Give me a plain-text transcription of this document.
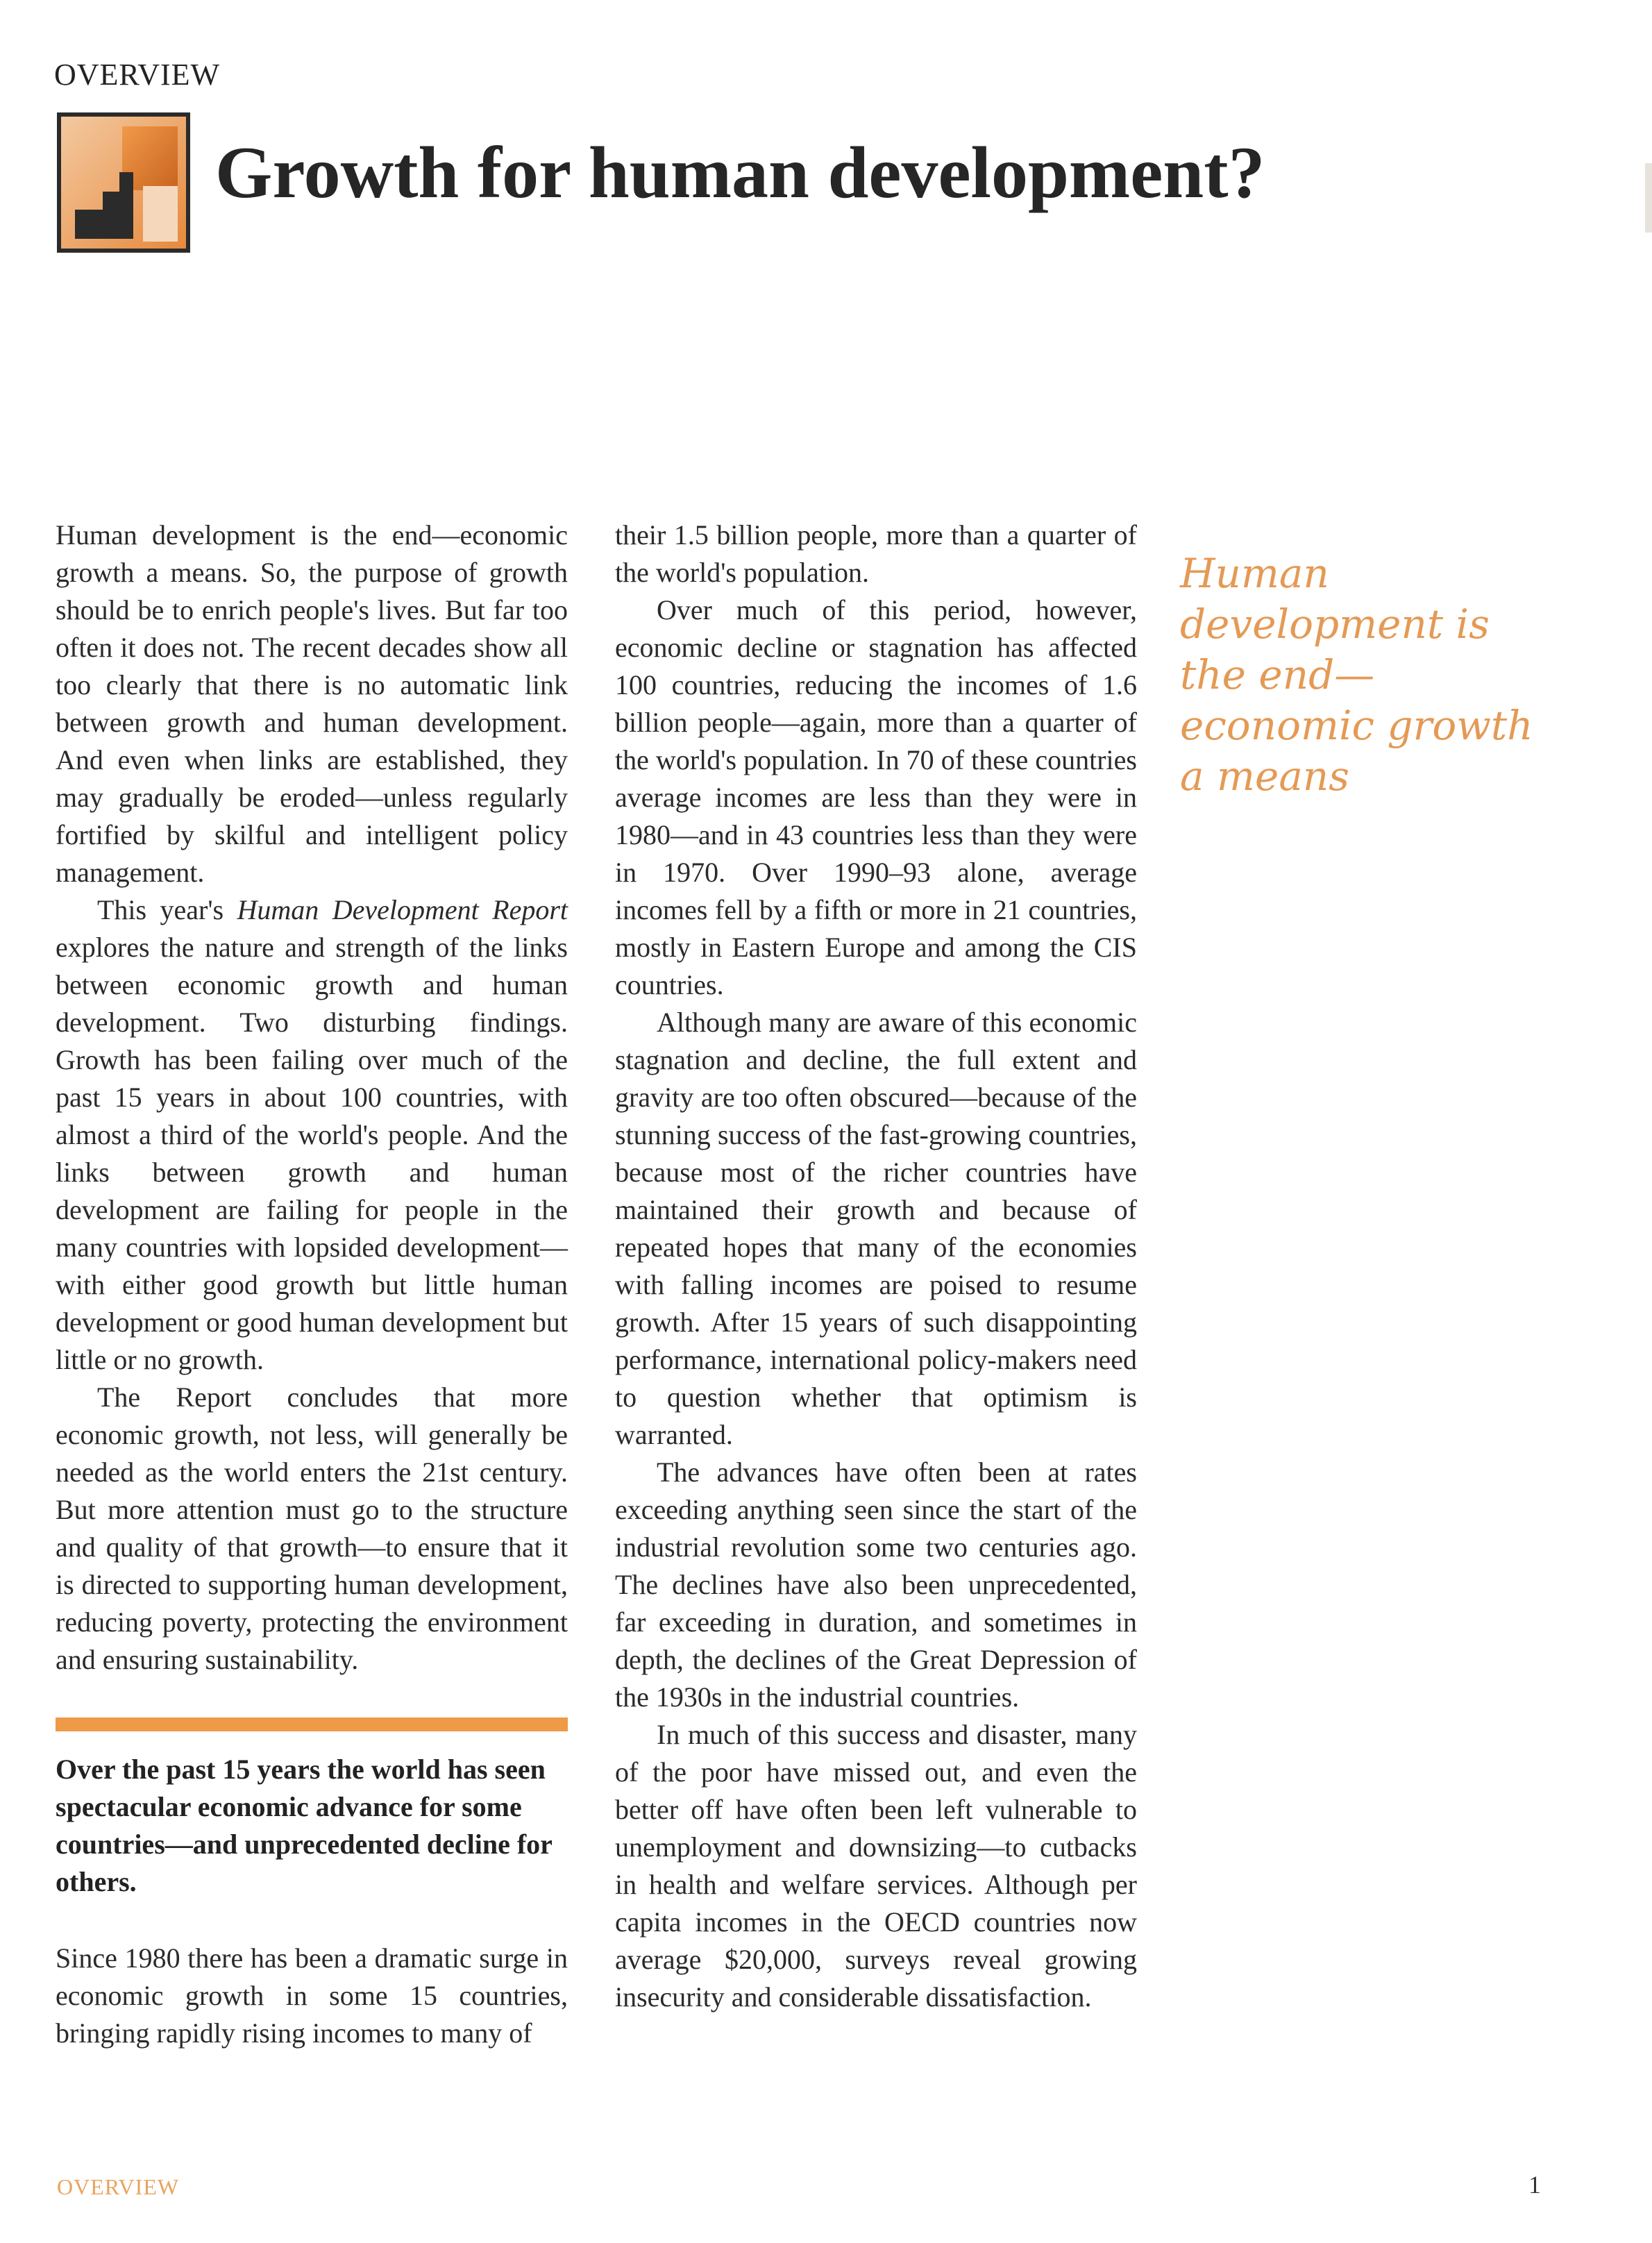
OVERVIEW
Growth for human development?

Human development is the end—economic growth a means. So, the purpose of growth should be to enrich people's lives. But far too often it does not. The recent decades show all too clearly that there is no automatic link between growth and human development. And even when links are established, they may gradually be eroded—unless regularly fortified by skilful and intelligent policy management.

This year's Human Development Report explores the nature and strength of the links between economic growth and human development. Two disturbing findings. Growth has been failing over much of the past 15 years in about 100 countries, with almost a third of the world's people. And the links between growth and human development are failing for people in the many countries with lopsided development—with either good growth but little human development or good human development but little or no growth.

The Report concludes that more economic growth, not less, will generally be needed as the world enters the 21st century. But more attention must go to the structure and quality of that growth—to ensure that it is directed to supporting human development, reducing poverty, protecting the environment and ensuring sustainability.

Over the past 15 years the world has seen spectacular economic advance for some countries—and unprecedented decline for others.

Since 1980 there has been a dramatic surge in economic growth in some 15 countries, bringing rapidly rising incomes to many of

their 1.5 billion people, more than a quarter of the world's population.

Over much of this period, however, economic decline or stagnation has affected 100 countries, reducing the incomes of 1.6 billion people—again, more than a quarter of the world's population. In 70 of these countries average incomes are less than they were in 1980—and in 43 countries less than they were in 1970. Over 1990–93 alone, average incomes fell by a fifth or more in 21 countries, mostly in Eastern Europe and among the CIS countries.

Although many are aware of this economic stagnation and decline, the full extent and gravity are too often obscured—because of the stunning success of the fast-growing countries, because most of the richer countries have maintained their growth and because of repeated hopes that many of the economies with falling incomes are poised to resume growth. After 15 years of such disappointing performance, international policy-makers need to question whether that optimism is warranted.

The advances have often been at rates exceeding anything seen since the start of the industrial revolution some two centuries ago. The declines have also been unprecedented, far exceeding in duration, and sometimes in depth, the declines of the Great Depression of the 1930s in the industrial countries.

In much of this success and disaster, many of the poor have missed out, and even the better off have often been left vulnerable to unemployment and downsizing—to cutbacks in health and welfare services. Although per capita incomes in the OECD countries now average $20,000, surveys reveal growing insecurity and considerable dissatisfaction.

Human development is the end—economic growth a means
OVERVIEW	1
